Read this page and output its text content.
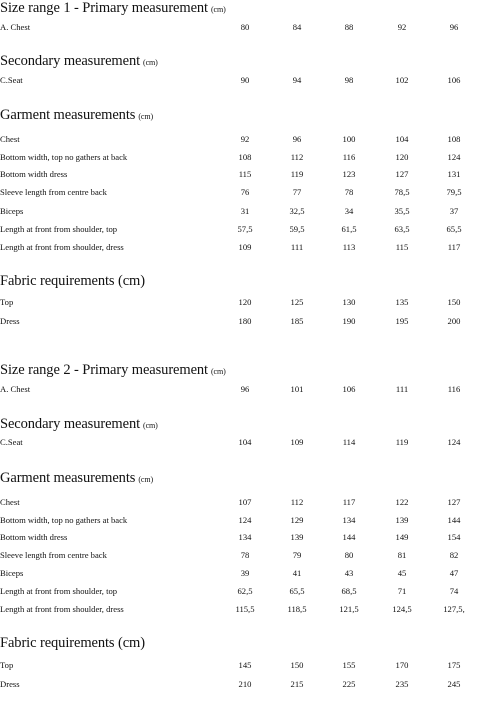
Size range 1 - Primary measurement (cm)
A. Chest	80	84	88	92	96
Secondary measurement (cm)
C.Seat	90	94	98	102	106
Garment measurements (cm)
Chest	92	96	100	104	108
Bottom width, top no gathers at back	108	112	116	120	124
Bottom width dress	115	119	123	127	131
Sleeve length from centre back	76	77	78	78,5	79,5
Biceps	31	32,5	34	35,5	37
Length at front from shoulder, top	57,5	59,5	61,5	63,5	65,5
Length at front from shoulder, dress	109	111	113	115	117
Fabric requirements (cm)
Top	120	125	130	135	150
Dress	180	185	190	195	200
Size range 2 - Primary measurement (cm)
A. Chest	96	101	106	111	116
Secondary measurement (cm)
C.Seat	104	109	114	119	124
Garment measurements (cm)
Chest	107	112	117	122	127
Bottom width, top no gathers at back	124	129	134	139	144
Bottom width dress	134	139	144	149	154
Sleeve length from centre back	78	79	80	81	82
Biceps	39	41	43	45	47
Length at front from shoulder, top	62,5	65,5	68,5	71	74
Length at front from shoulder, dress	115,5	118,5	121,5	124,5	127,5,
Fabric requirements (cm)
Top	145	150	155	170	175
Dress	210	215	225	235	245
